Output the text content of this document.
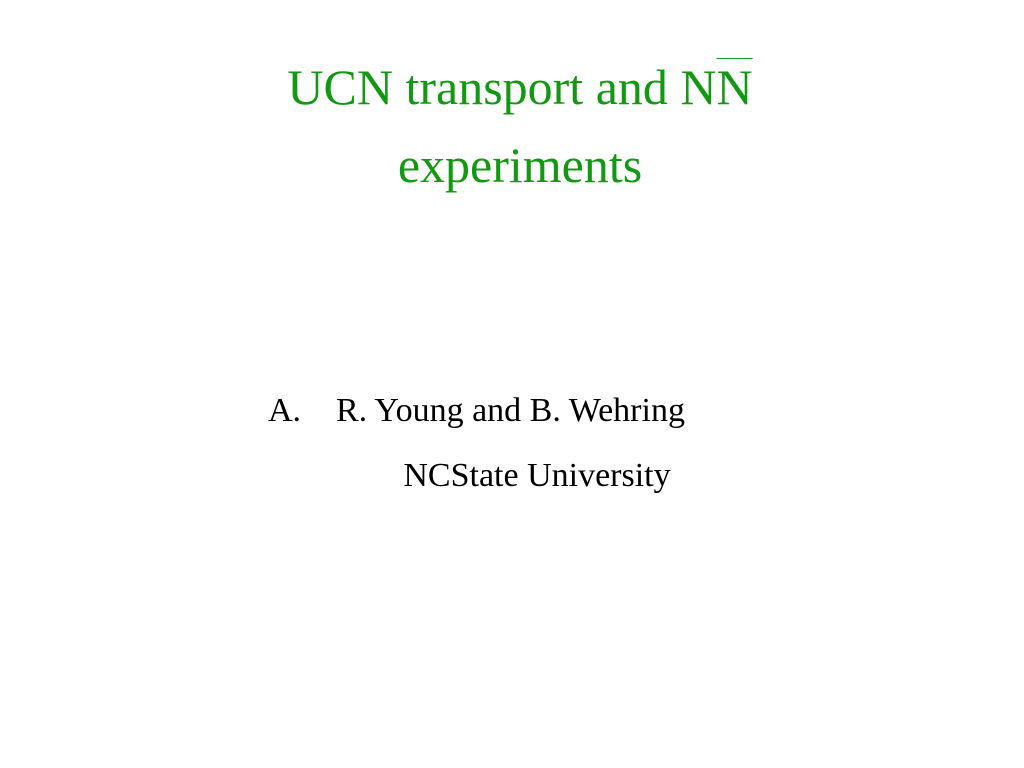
UCN transport and NN
experiments
A. R. Young and B. Wehring
NCState University
